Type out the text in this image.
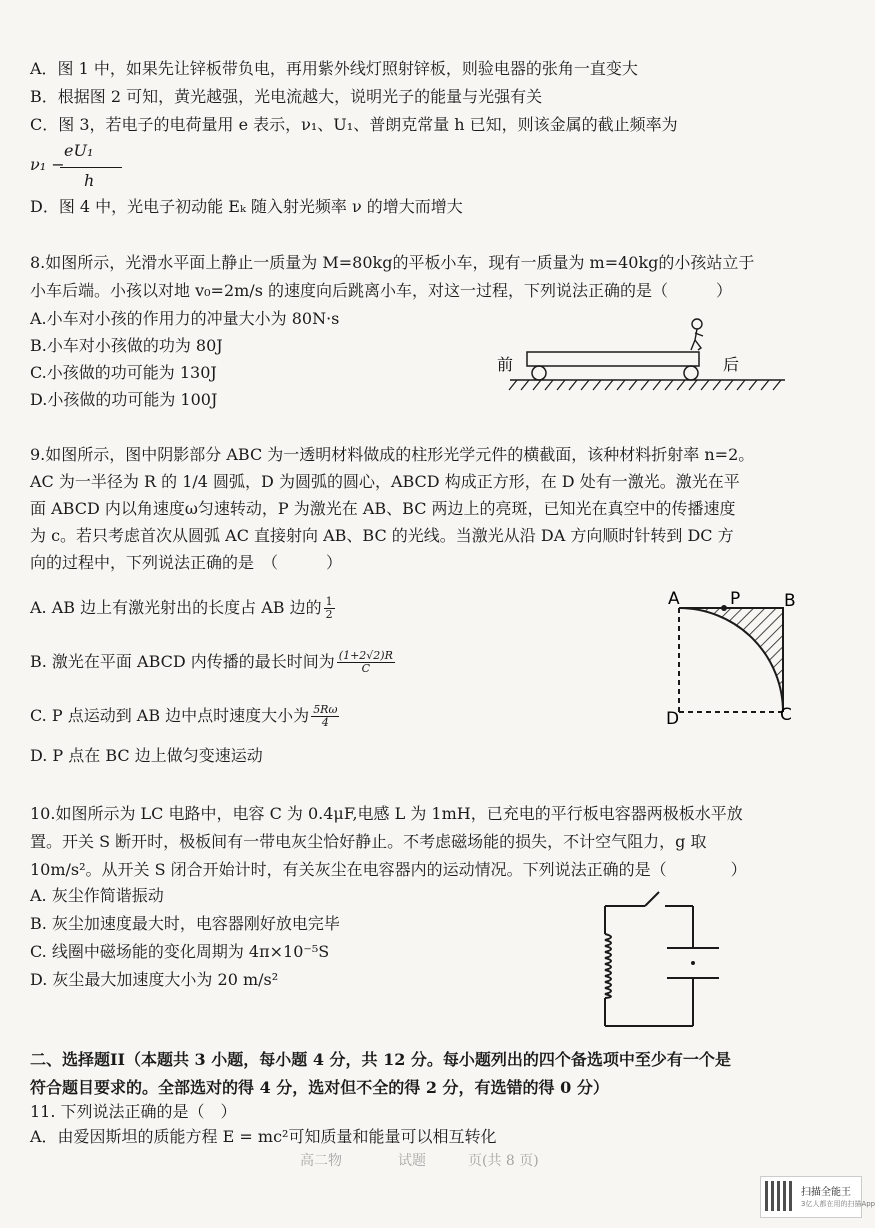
A．图 1 中，如果先让锌板带负电，再用紫外线灯照射锌板，则验电器的张角一直变大
B．根据图 2 可知，黄光越强，光电流越大，说明光子的能量与光强有关
C．图 3，若电子的电荷量用 e 表示，ν₁、U₁、普朗克常量 h 已知，则该金属的截止频率为
ν₁ −
eU₁
h
D．图 4 中，光电子初动能 Eₖ 随入射光频率 ν 的增大而增大
8.如图所示，光滑水平面上静止一质量为 M=80kg的平板小车，现有一质量为 m=40kg的小孩站立于
小车后端。小孩以对地 v₀=2m/s 的速度向后跳离小车，对这一过程，下列说法正确的是（　　　）
A.小车对小孩的作用力的冲量大小为 80N·s
B.小车对小孩做的功为 80J
C.小孩做的功可能为 130J
D.小孩做的功可能为 100J
前	后
9.如图所示，图中阴影部分 ABC 为一透明材料做成的柱形光学元件的横截面，该种材料折射率 n=2。
AC 为一半径为 R 的 1/4 圆弧，D 为圆弧的圆心，ABCD 构成正方形，在 D 处有一激光。激光在平
面 ABCD 内以角速度ω匀速转动，P 为激光在 AB、BC 两边上的亮斑，已知光在真空中的传播速度
为 c。若只考虑首次从圆弧 AC 直接射向 AB、BC 的光线。当激光从沿 DA 方向顺时针转到 DC 方
向的过程中，下列说法正确的是　（　　　）
A. AB 边上有激光射出的长度占 AB 边的 $\frac{1}{2}$
B. 激光在平面 ABCD 内传播的最长时间为 $\frac{(1+2√2)R}{C}$
C. P 点运动到 AB 边中点时速度大小为 $\frac{5R\omega}{4}$
D. P 点在 BC 边上做匀变速运动
A	P	B
D	C
10.如图所示为 LC 电路中，电容 C 为 0.4μF,电感 L 为 1mH，已充电的平行板电容器两极板水平放
置。开关 S 断开时，极板间有一带电灰尘恰好静止。不考虑磁场能的损失，不计空气阻力，g 取
10m/s²。从开关 S 闭合开始计时，有关灰尘在电容器内的运动情况。下列说法正确的是（　　　　）
A. 灰尘作简谐振动
B. 灰尘加速度最大时，电容器刚好放电完毕
C. 线圈中磁场能的变化周期为 4π×10⁻⁵S
D. 灰尘最大加速度大小为 20 m/s²
二、选择题II（本题共 3 小题，每小题 4 分，共 12 分。每小题列出的四个备选项中至少有一个是
符合题目要求的。全部选对的得 4 分，选对但不全的得 2 分，有选错的得 0 分）
11. 下列说法正确的是（　）
A．由爱因斯坦的质能方程 E = mc²可知质量和能量可以相互转化
高二物　　　　试题　　　页(共 8 页)
扫描全能王
3亿人都在用的扫描App
